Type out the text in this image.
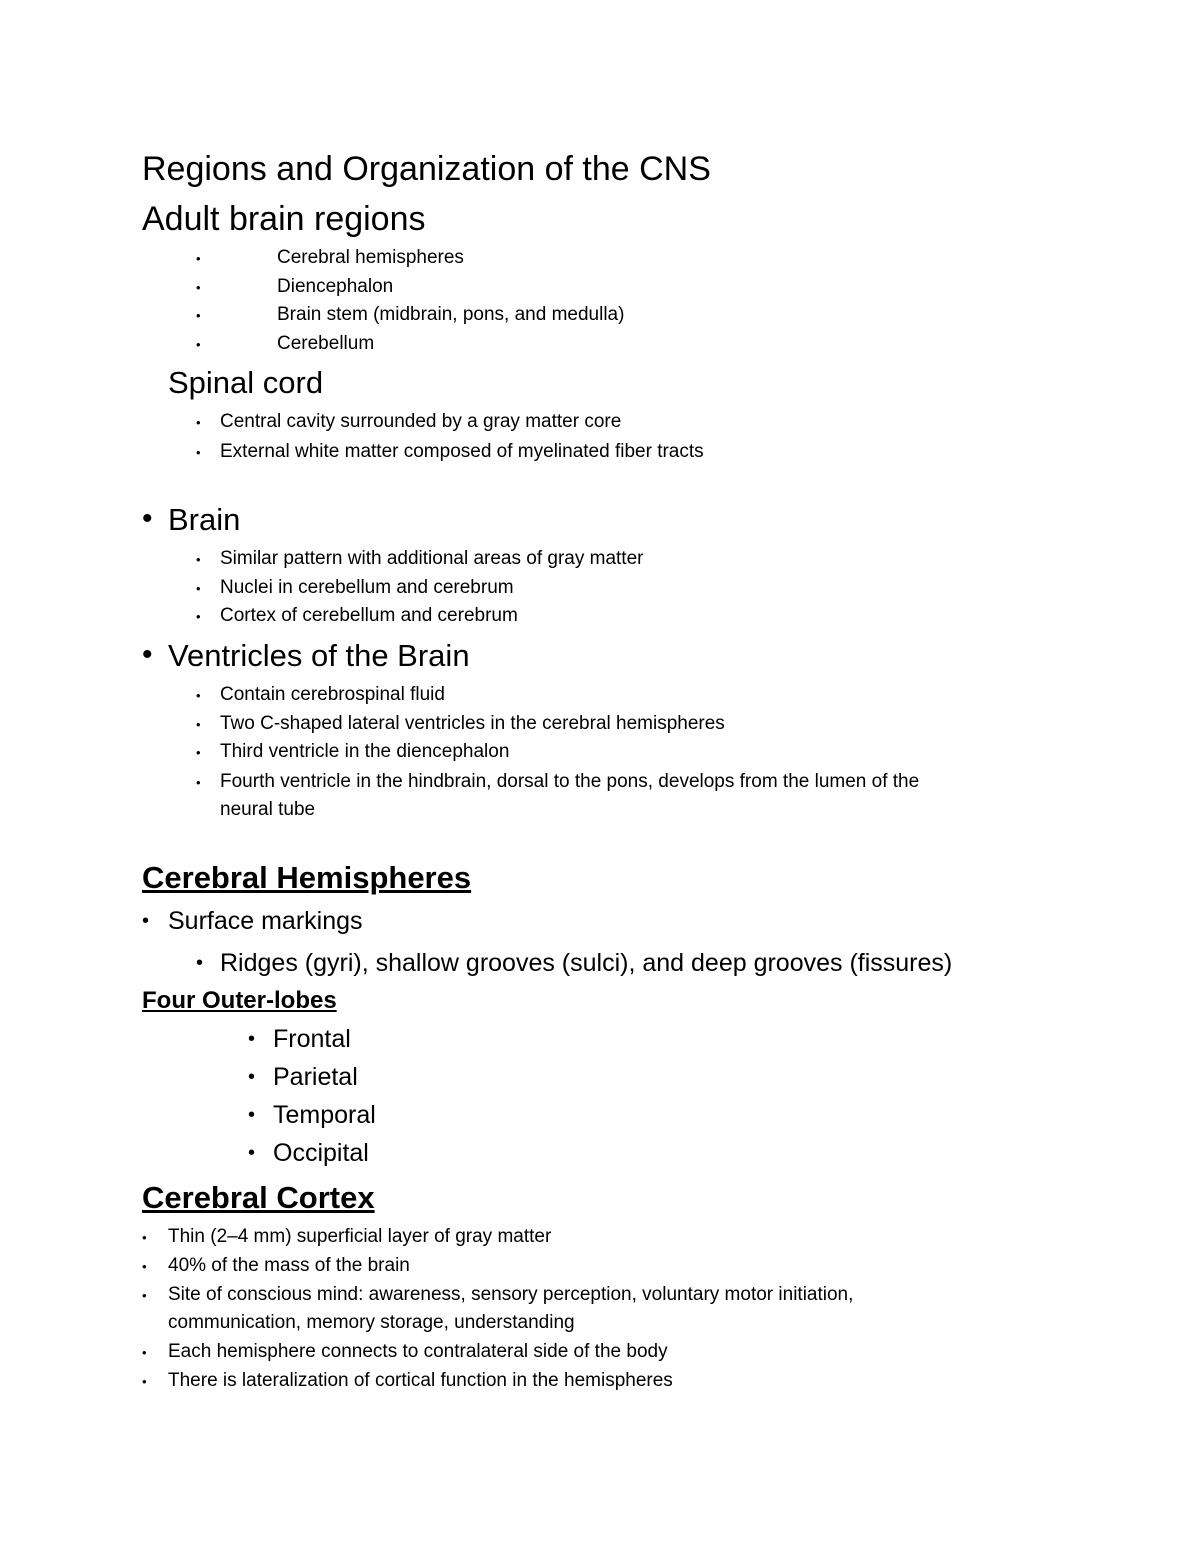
Regions and Organization of the CNS
Adult brain regions
•	Cerebral hemispheres
•	Diencephalon
•	Brain stem (midbrain, pons, and medulla)
•	Cerebellum
Spinal cord
• Central cavity surrounded by a gray matter core
• External white matter composed of myelinated fiber tracts
• Brain
• Similar pattern with additional areas of gray matter
• Nuclei in cerebellum and cerebrum
• Cortex of cerebellum and cerebrum
• Ventricles of the Brain
• Contain cerebrospinal fluid
• Two C-shaped lateral ventricles in the cerebral hemispheres
• Third ventricle in the diencephalon
• Fourth ventricle in the hindbrain, dorsal to the pons, develops from the lumen of the
neural tube
Cerebral Hemispheres
• Surface markings
• Ridges (gyri), shallow grooves (sulci), and deep grooves (fissures)
Four Outer-lobes
• Frontal
• Parietal
• Temporal
• Occipital
Cerebral Cortex
• Thin (2–4 mm) superficial layer of gray matter
• 40% of the mass of the brain
• Site of conscious mind: awareness, sensory perception, voluntary motor initiation,
communication, memory storage, understanding
• Each hemisphere connects to contralateral side of the body
• There is lateralization of cortical function in the hemispheres
